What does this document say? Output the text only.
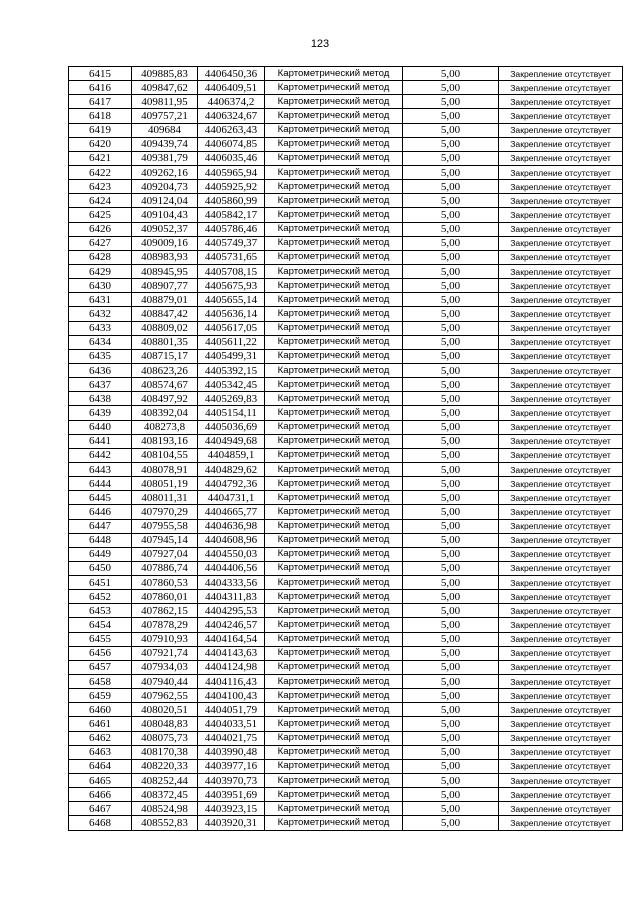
123
6415	409885,83	4406450,36	Картометрический метод	5,00	Закрепление отсутствует
6416	409847,62	4406409,51	Картометрический метод	5,00	Закрепление отсутствует
6417	409811,95	4406374,2	Картометрический метод	5,00	Закрепление отсутствует
6418	409757,21	4406324,67	Картометрический метод	5,00	Закрепление отсутствует
6419	409684	4406263,43	Картометрический метод	5,00	Закрепление отсутствует
6420	409439,74	4406074,85	Картометрический метод	5,00	Закрепление отсутствует
6421	409381,79	4406035,46	Картометрический метод	5,00	Закрепление отсутствует
6422	409262,16	4405965,94	Картометрический метод	5,00	Закрепление отсутствует
6423	409204,73	4405925,92	Картометрический метод	5,00	Закрепление отсутствует
6424	409124,04	4405860,99	Картометрический метод	5,00	Закрепление отсутствует
6425	409104,43	4405842,17	Картометрический метод	5,00	Закрепление отсутствует
6426	409052,37	4405786,46	Картометрический метод	5,00	Закрепление отсутствует
6427	409009,16	4405749,37	Картометрический метод	5,00	Закрепление отсутствует
6428	408983,93	4405731,65	Картометрический метод	5,00	Закрепление отсутствует
6429	408945,95	4405708,15	Картометрический метод	5,00	Закрепление отсутствует
6430	408907,77	4405675,93	Картометрический метод	5,00	Закрепление отсутствует
6431	408879,01	4405655,14	Картометрический метод	5,00	Закрепление отсутствует
6432	408847,42	4405636,14	Картометрический метод	5,00	Закрепление отсутствует
6433	408809,02	4405617,05	Картометрический метод	5,00	Закрепление отсутствует
6434	408801,35	4405611,22	Картометрический метод	5,00	Закрепление отсутствует
6435	408715,17	4405499,31	Картометрический метод	5,00	Закрепление отсутствует
6436	408623,26	4405392,15	Картометрический метод	5,00	Закрепление отсутствует
6437	408574,67	4405342,45	Картометрический метод	5,00	Закрепление отсутствует
6438	408497,92	4405269,83	Картометрический метод	5,00	Закрепление отсутствует
6439	408392,04	4405154,11	Картометрический метод	5,00	Закрепление отсутствует
6440	408273,8	4405036,69	Картометрический метод	5,00	Закрепление отсутствует
6441	408193,16	4404949,68	Картометрический метод	5,00	Закрепление отсутствует
6442	408104,55	4404859,1	Картометрический метод	5,00	Закрепление отсутствует
6443	408078,91	4404829,62	Картометрический метод	5,00	Закрепление отсутствует
6444	408051,19	4404792,36	Картометрический метод	5,00	Закрепление отсутствует
6445	408011,31	4404731,1	Картометрический метод	5,00	Закрепление отсутствует
6446	407970,29	4404665,77	Картометрический метод	5,00	Закрепление отсутствует
6447	407955,58	4404636,98	Картометрический метод	5,00	Закрепление отсутствует
6448	407945,14	4404608,96	Картометрический метод	5,00	Закрепление отсутствует
6449	407927,04	4404550,03	Картометрический метод	5,00	Закрепление отсутствует
6450	407886,74	4404406,56	Картометрический метод	5,00	Закрепление отсутствует
6451	407860,53	4404333,56	Картометрический метод	5,00	Закрепление отсутствует
6452	407860,01	4404311,83	Картометрический метод	5,00	Закрепление отсутствует
6453	407862,15	4404295,53	Картометрический метод	5,00	Закрепление отсутствует
6454	407878,29	4404246,57	Картометрический метод	5,00	Закрепление отсутствует
6455	407910,93	4404164,54	Картометрический метод	5,00	Закрепление отсутствует
6456	407921,74	4404143,63	Картометрический метод	5,00	Закрепление отсутствует
6457	407934,03	4404124,98	Картометрический метод	5,00	Закрепление отсутствует
6458	407940,44	4404116,43	Картометрический метод	5,00	Закрепление отсутствует
6459	407962,55	4404100,43	Картометрический метод	5,00	Закрепление отсутствует
6460	408020,51	4404051,79	Картометрический метод	5,00	Закрепление отсутствует
6461	408048,83	4404033,51	Картометрический метод	5,00	Закрепление отсутствует
6462	408075,73	4404021,75	Картометрический метод	5,00	Закрепление отсутствует
6463	408170,38	4403990,48	Картометрический метод	5,00	Закрепление отсутствует
6464	408220,33	4403977,16	Картометрический метод	5,00	Закрепление отсутствует
6465	408252,44	4403970,73	Картометрический метод	5,00	Закрепление отсутствует
6466	408372,45	4403951,69	Картометрический метод	5,00	Закрепление отсутствует
6467	408524,98	4403923,15	Картометрический метод	5,00	Закрепление отсутствует
6468	408552,83	4403920,31	Картометрический метод	5,00	Закрепление отсутствует
